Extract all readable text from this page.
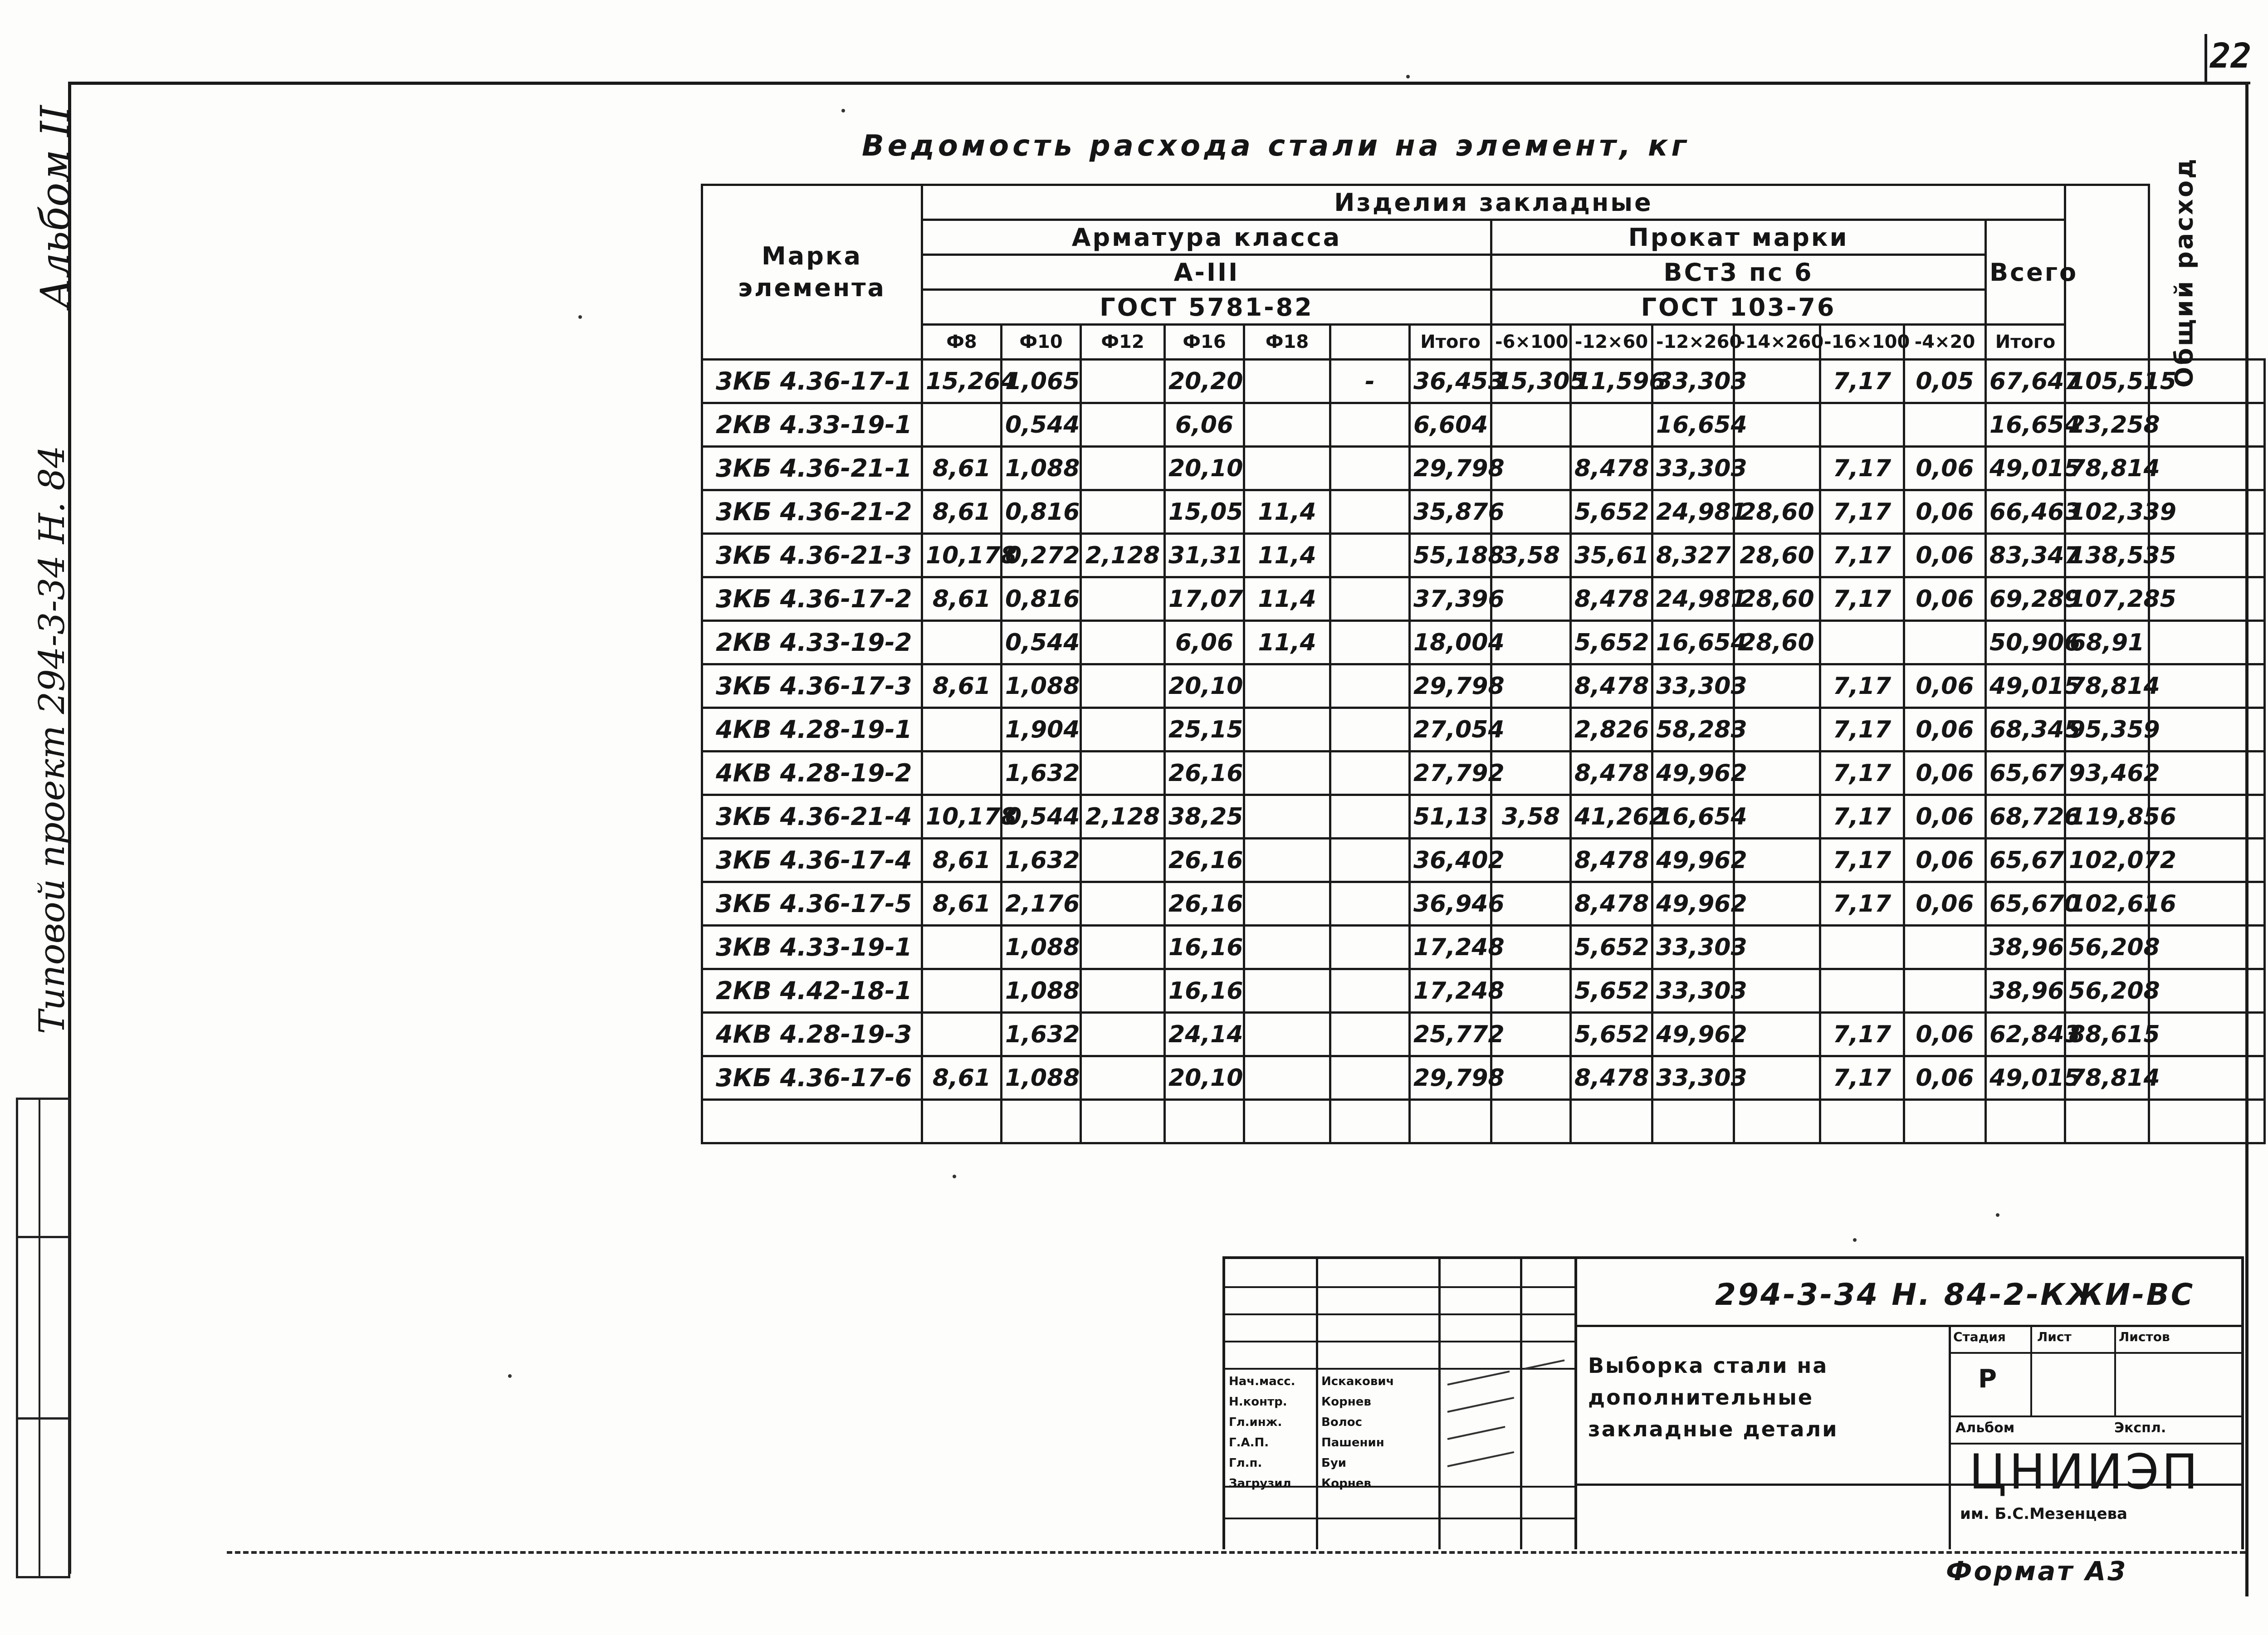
22
Альбом II
Типовой проект 294-3-34 Н. 84
Ведомость расхода стали на элемент, кг
Марка элемента	Изделия закладные														Общий расход	
	Арматура класса							Прокат марки						Всего		
	А-III							ВСт3 пс 6								
	ГОСТ 5781-82							ГОСТ 103-76								
	Ф8	Ф10	Ф12	Ф16	Ф18		Итого	-6×100	-12×60	-12×260	-14×260	-16×100	-4×20	Итого		
3КБ 4.36-17-1	15,264	1,065		20,20		-	36,453	15,305	11,596	33,303		7,17	0,05	67,647	105,515	
2КВ 4.33-19-1		0,544		6,06			6,604			16,654				16,654	23,258	
3КБ 4.36-21-1	8,61	1,088		20,10			29,798		8,478	33,303		7,17	0,06	49,015	78,814	
3КБ 4.36-21-2	8,61	0,816		15,05	11,4		35,876		5,652	24,981	28,60	7,17	0,06	66,463	102,339	
3КБ 4.36-21-3	10,178	0,272	2,128	31,31	11,4		55,188	3,58	35,61	8,327	28,60	7,17	0,06	83,347	138,535	
3КБ 4.36-17-2	8,61	0,816		17,07	11,4		37,396		8,478	24,981	28,60	7,17	0,06	69,289	107,285	
2КВ 4.33-19-2		0,544		6,06	11,4		18,004		5,652	16,654	28,60			50,906	68,91	
3КБ 4.36-17-3	8,61	1,088		20,10			29,798		8,478	33,303		7,17	0,06	49,015	78,814	
4КВ 4.28-19-1		1,904		25,15			27,054		2,826	58,283		7,17	0,06	68,345	95,359	
4КВ 4.28-19-2		1,632		26,16			27,792		8,478	49,962		7,17	0,06	65,67	93,462	
3КБ 4.36-21-4	10,178	0,544	2,128	38,25			51,13	3,58	41,262	16,654		7,17	0,06	68,726	119,856	
3КБ 4.36-17-4	8,61	1,632		26,16			36,402		8,478	49,962		7,17	0,06	65,67	102,072	
3КБ 4.36-17-5	8,61	2,176		26,16			36,946		8,478	49,962		7,17	0,06	65,670	102,616	
3КВ 4.33-19-1		1,088		16,16			17,248		5,652	33,303				38,96	56,208	
2КВ 4.42-18-1		1,088		16,16			17,248		5,652	33,303				38,96	56,208	
4КВ 4.28-19-3		1,632		24,14			25,772		5,652	49,962		7,17	0,06	62,843	88,615	
3КБ 4.36-17-6	8,61	1,088		20,10			29,798		8,478	33,303		7,17	0,06	49,015	78,814	

294-3-34 Н. 84-2-КЖИ-ВС
Выборка стали на дополнительные закладные детали
Стадия Лист	Листов
Р
Альбом	Экспл.
ЦНИИЭП
им. Б.С.Мезенцева
Нач.масс. Искакович
Н.контр.	Корнев
Гл.инж.	Волос
Г.А.П.	Пашенин
Гл.п.	Буи
Загрузил	Корнев
Формат А3
